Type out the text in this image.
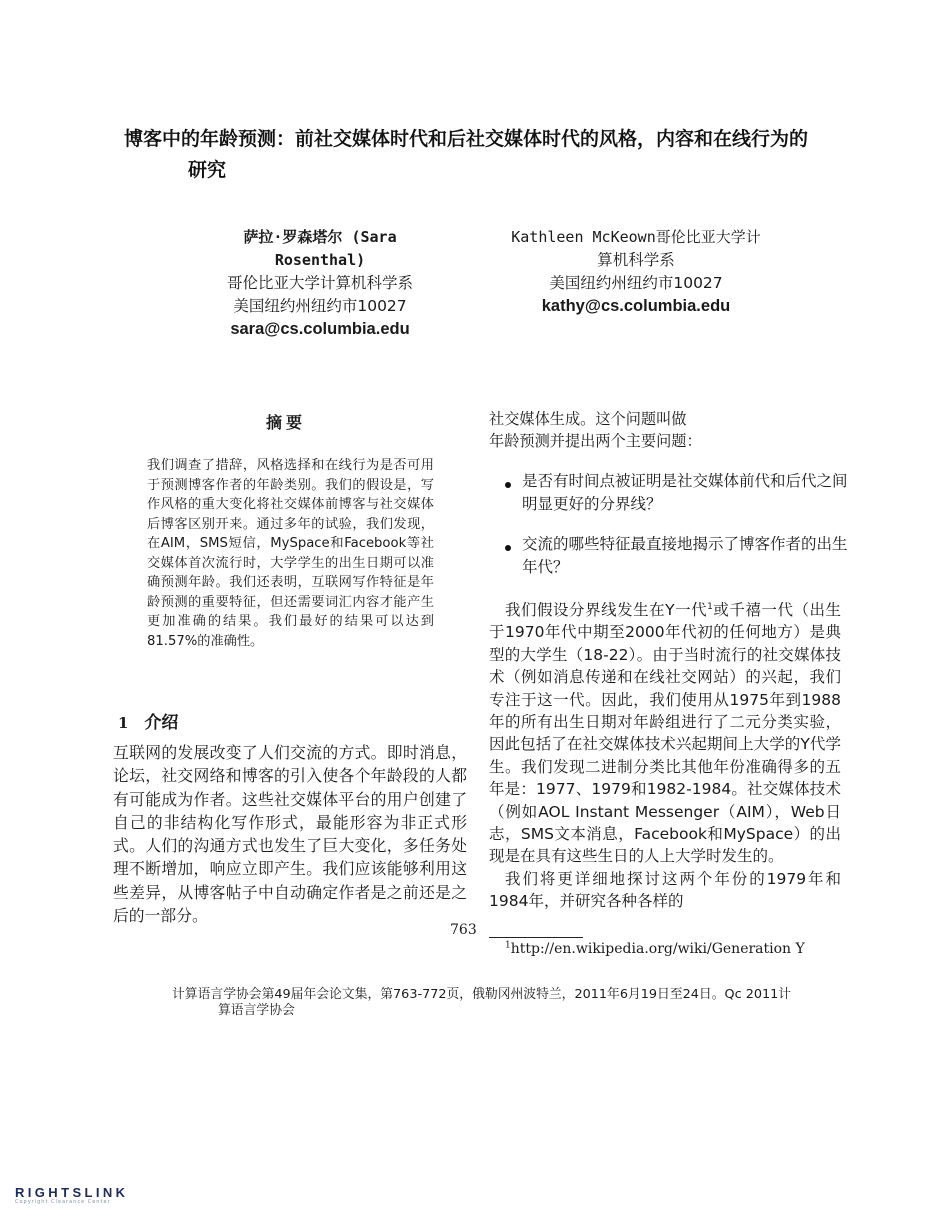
博客中的年龄预测：前社交媒体时代和后社交媒体时代的风格，内容和在线行为的
研究
萨拉·罗森塔尔 (Sara
Rosenthal)
哥伦比亚大学计算机科学系
美国纽约州纽约市10027
sara@cs.columbia.edu
Kathleen McKeown哥伦比亚大学计
算机科学系
美国纽约州纽约市10027
kathy@cs.columbia.edu
摘要
我们调查了措辞，风格选择和在线行为是否可用于预测博客作者的年龄类别。我们的假设是，写作风格的重大变化将社交媒体前博客与社交媒体后博客区别开来。通过多年的试验，我们发现，在AIM，SMS短信，MySpace和Facebook等社交媒体首次流行时，大学学生的出生日期可以准确预测年龄。我们还表明，互联网写作特征是年龄预测的重要特征，但还需要词汇内容才能产生更加准确的结果。我们最好的结果可以达到81.57%的准确性。
1 介绍
互联网的发展改变了人们交流的方式。即时消息，论坛，社交网络和博客的引入使各个年龄段的人都有可能成为作者。这些社交媒体平台的用户创建了自己的非结构化写作形式，最能形容为非正式形式。人们的沟通方式也发生了巨大变化，多任务处理不断增加，响应立即产生。我们应该能够利用这些差异，从博客帖子中自动确定作者是之前还是之后的一部分。
社交媒体生成。这个问题叫做
年龄预测并提出两个主要问题：
是否有时间点被证明是社交媒体前代和后代之间明显更好的分界线？
交流的哪些特征最直接地揭示了博客作者的出生年代？
我们假设分界线发生在Y一代$^1$或千禧一代（出生于1970年代中期至2000年代初的任何地方）是典型的大学生（18-22）。由于当时流行的社交媒体技术（例如消息传递和在线社交网站）的兴起，我们专注于这一代。因此，我们使用从1975年到1988年的所有出生日期对年龄组进行了二元分类实验，因此包括了在社交媒体技术兴起期间上大学的Y代学生。我们发现二进制分类比其他年份准确得多的五年是：1977、1979和1982-1984。社交媒体技术（例如AOL Instant Messenger（AIM），Web日志，SMS文本消息，Facebook和MySpace）的出现是在具有这些生日的人上大学时发生的。
我们将更详细地探讨这两个年份的1979年和1984年，并研究各种各样的
763
$^1$http://en.wikipedia.org/wiki/Generation Y
计算语言学协会第49届年会论文集，第763-772页，俄勒冈州波特兰，2011年6月19日至24日。Qc 2011计
算语言学协会
RIGHTSLINK
Copyright Clearance Center
